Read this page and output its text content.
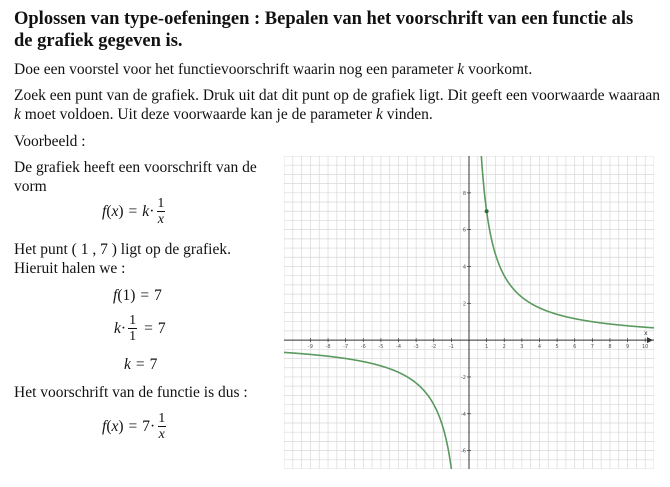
Oplossen van type-oefeningen : Bepalen van het voorschrift van een functie als de grafiek gegeven is.

Doe een voorstel voor het functievoorschrift waarin nog een parameter k voorkomt.

Zoek een punt van de grafiek. Druk uit dat dit punt op de grafiek ligt. Dit geeft een voorwaarde waaraan k moet voldoen. Uit deze voorwaarde kan je de parameter k vinden.

Voorbeeld :

De grafiek heeft een voorschrift van de vorm

f ( x ) = $k \cdot \frac{1}{x}$

Het punt ( 1 , 7 ) ligt op de grafiek.

Hieruit halen we :

f (1) = 7
$k \cdot \frac{1}{1} = 7$
k = 7

Het voorschrift van de functie is dus :

f ( x ) = $7 \cdot \frac{1}{x}$
x
-9	-8	-7	-6	-5	-4	-3	-2	-1	1	2	3	4	5	6	7	8	9	10
-6
-4
-2
2
4
6
8
